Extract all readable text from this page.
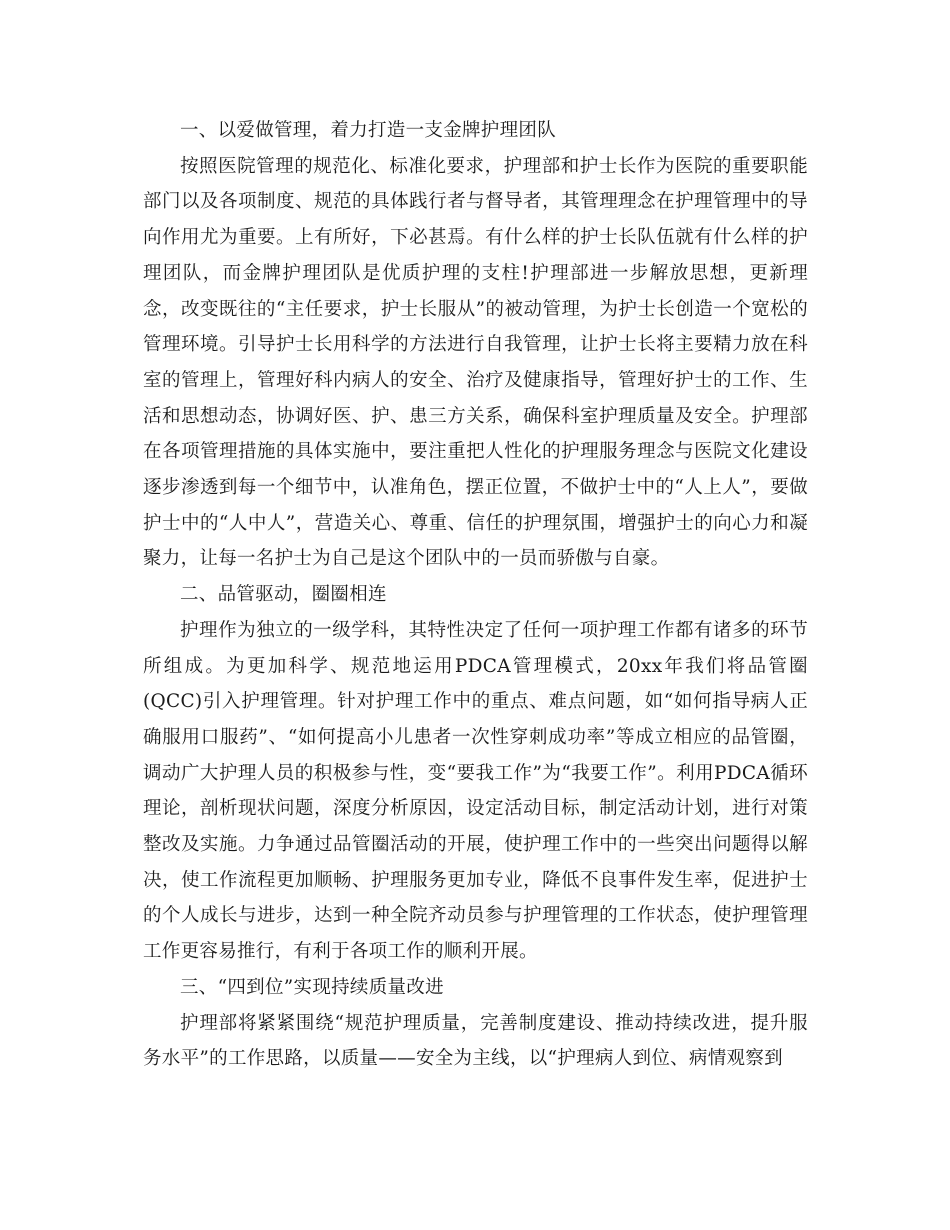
一、以爱做管理，着力打造一支金牌护理团队

按照医院管理的规范化、标准化要求，护理部和护士长作为医院的重要职能部门以及各项制度、规范的具体践行者与督导者，其管理理念在护理管理中的导向作用尤为重要。上有所好，下必甚焉。有什么样的护士长队伍就有什么样的护理团队，而金牌护理团队是优质护理的支柱!护理部进一步解放思想，更新理念，改变既往的“主任要求，护士长服从”的被动管理，为护士长创造一个宽松的管理环境。引导护士长用科学的方法进行自我管理，让护士长将主要精力放在科室的管理上，管理好科内病人的安全、治疗及健康指导，管理好护士的工作、生活和思想动态，协调好医、护、患三方关系，确保科室护理质量及安全。护理部在各项管理措施的具体实施中，要注重把人性化的护理服务理念与医院文化建设逐步渗透到每一个细节中，认准角色，摆正位置，不做护士中的“人上人”，要做护士中的“人中人”，营造关心、尊重、信任的护理氛围，增强护士的向心力和凝聚力，让每一名护士为自己是这个团队中的一员而骄傲与自豪。

二、品管驱动，圈圈相连

护理作为独立的一级学科，其特性决定了任何一项护理工作都有诸多的环节所组成。为更加科学、规范地运用PDCA管理模式，20xx年我们将品管圈(QCC)引入护理管理。针对护理工作中的重点、难点问题，如“如何指导病人正确服用口服药”、“如何提高小儿患者一次性穿刺成功率”等成立相应的品管圈，调动广大护理人员的积极参与性，变“要我工作”为“我要工作”。利用PDCA循环理论，剖析现状问题，深度分析原因，设定活动目标，制定活动计划，进行对策整改及实施。力争通过品管圈活动的开展，使护理工作中的一些突出问题得以解决，使工作流程更加顺畅、护理服务更加专业，降低不良事件发生率，促进护士的个人成长与进步，达到一种全院齐动员参与护理管理的工作状态，使护理管理工作更容易推行，有利于各项工作的顺利开展。

三、“四到位”实现持续质量改进

护理部将紧紧围绕“规范护理质量，完善制度建设、推动持续改进，提升服务水平”的工作思路，以质量——安全为主线，以“护理病人到位、病情观察到
